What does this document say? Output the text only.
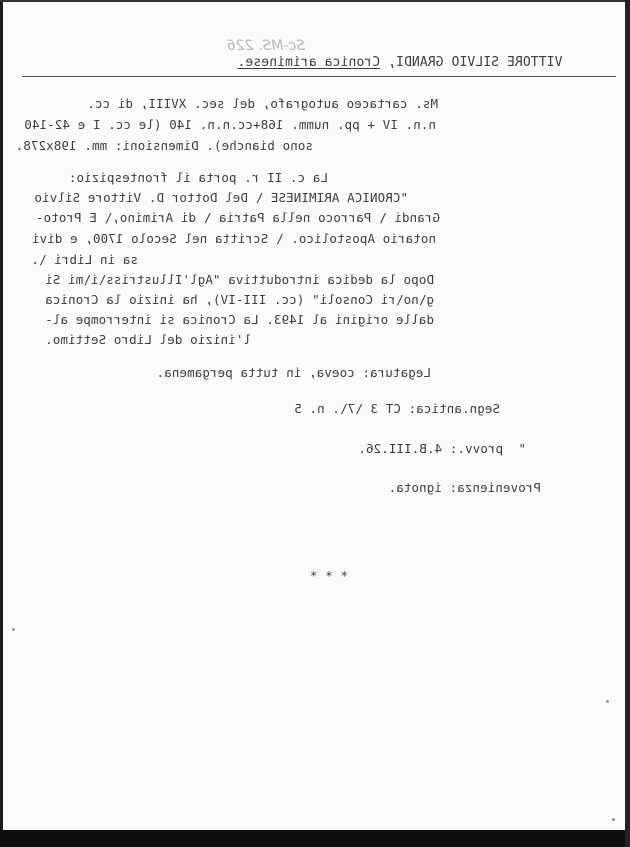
VITTORE SILVIO GRANDI, Cronica ariminese.

Sc-MS. 226
Ms. cartaceo autografo, del sec. XVIII, di cc.
n.n. IV + pp. numm. 168+cc.n.n. 140 (le cc. I e 42-140
sono bianche). Dimensioni: mm. 198x278.
La c. II r. porta il frontespizio:
"CRONICA ARIMINESE \ Del Dottor D. Vittore Silvio
Grandi \ Parroco nella Patria \ di Arimino,\ E Proto-
notario Apostolico. \ Scritta nel Secolo 1700, e divi
sa in Libri \.
Dopo la dedica introduttiva "Agl'Illustriss\i\mi Si
g\no\ri Consoli" (cc. III-IV), ha inizio la Cronica
dalle origini al 1493. La Cronica si interrompe al-
l'inizio del Libro Settimo.
Legatura: coeva, in tutta pergamena.
Segn.antica: CT 3 \7\. n. 5
"  provv.: 4.B.III.26.
Provenienza: ignota.
* * *
